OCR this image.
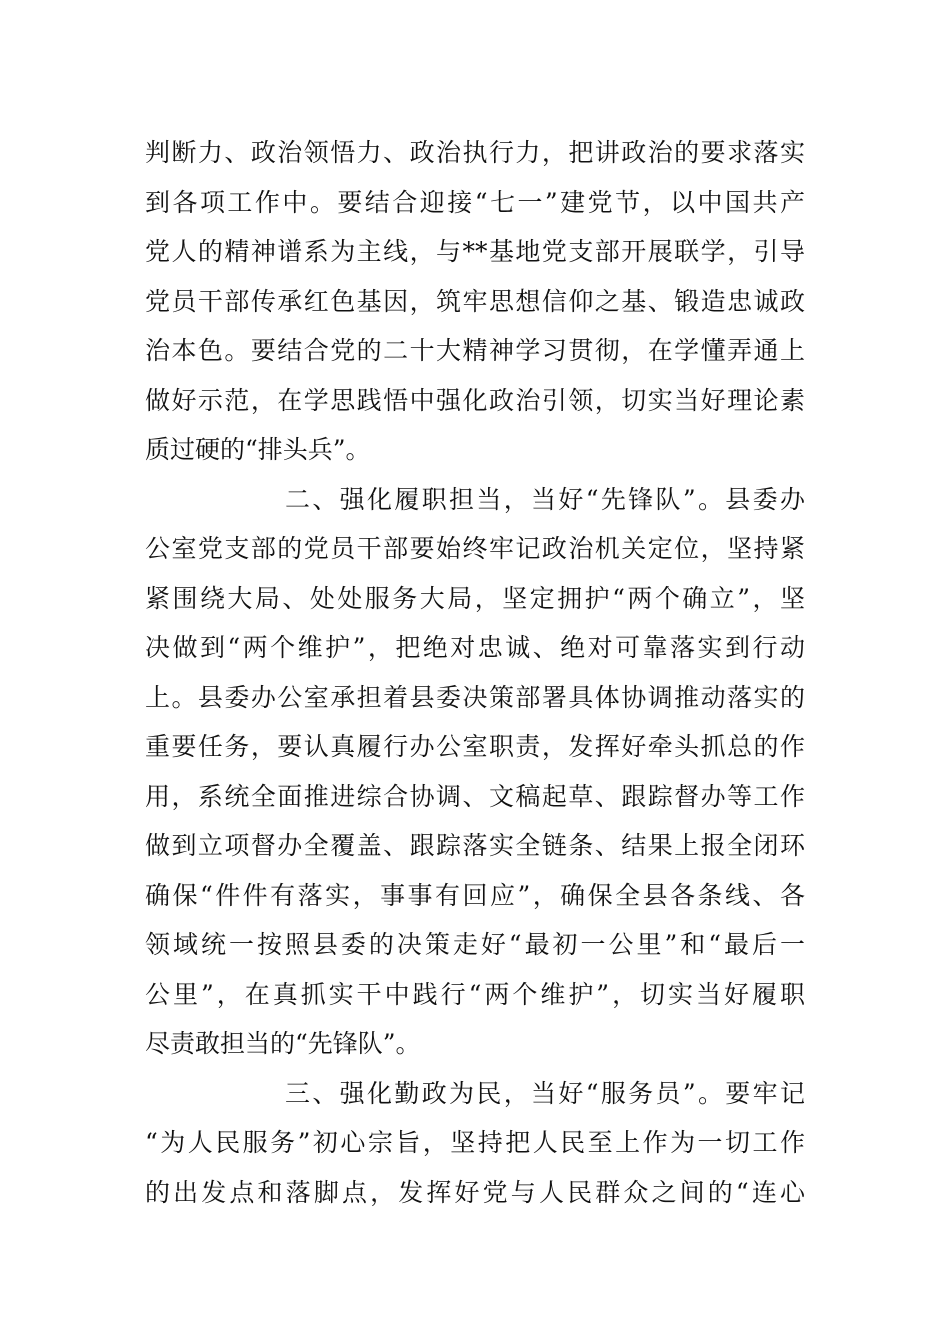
判断力、政治领悟力、政治执行力，把讲政治的要求落实
到各项工作中。要结合迎接“七一”建党节，以中国共产
党人的精神谱系为主线，与**基地党支部开展联学，引导
党员干部传承红色基因，筑牢思想信仰之基、锻造忠诚政
治本色。要结合党的二十大精神学习贯彻，在学懂弄通上
做好示范，在学思践悟中强化政治引领，切实当好理论素
质过硬的“排头兵”。
二、强化履职担当，当好“先锋队”。县委办
公室党支部的党员干部要始终牢记政治机关定位，坚持紧
紧围绕大局、处处服务大局，坚定拥护“两个确立”，坚
决做到“两个维护”，把绝对忠诚、绝对可靠落实到行动
上。县委办公室承担着县委决策部署具体协调推动落实的
重要任务，要认真履行办公室职责，发挥好牵头抓总的作
用，系统全面推进综合协调、文稿起草、跟踪督办等工作
做到立项督办全覆盖、跟踪落实全链条、结果上报全闭环
确保“件件有落实，事事有回应”，确保全县各条线、各
领域统一按照县委的决策走好“最初一公里”和“最后一
公里”，在真抓实干中践行“两个维护”，切实当好履职
尽责敢担当的“先锋队”。
三、强化勤政为民，当好“服务员”。要牢记
“为人民服务”初心宗旨，坚持把人民至上作为一切工作
的出发点和落脚点，发挥好党与人民群众之间的“连心
